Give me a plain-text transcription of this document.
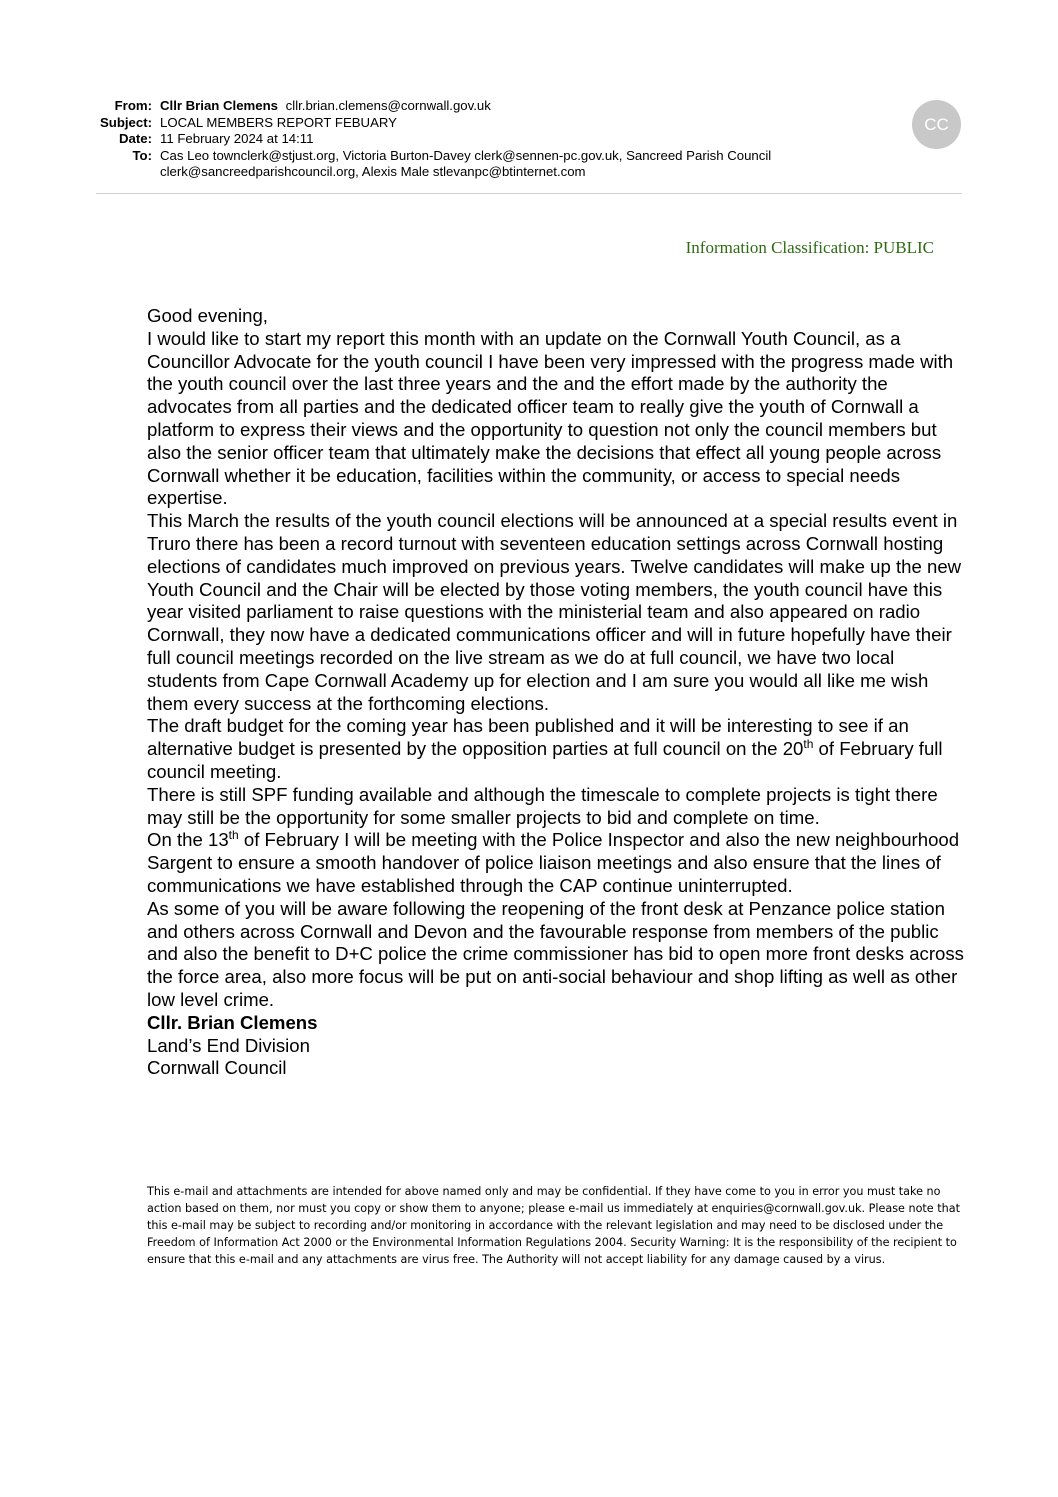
From: Cllr Brian Clemens cllr.brian.clemens@cornwall.gov.uk
Subject: LOCAL MEMBERS REPORT FEBUARY
Date: 11 February 2024 at 14:11
To: Cas Leo townclerk@stjust.org, Victoria Burton-Davey clerk@sennen-pc.gov.uk, Sancreed Parish Council
clerk@sancreedparishcouncil.org, Alexis Male stlevanpc@btinternet.com
CC
Information Classification: PUBLIC

Good evening,

I would like to start my report this month with an update on the Cornwall Youth Council, as a Councillor Advocate for the youth council I have been very impressed with the progress made with the youth council over the last three years and the and the effort made by the authority the advocates from all parties and the dedicated officer team to really give the youth of Cornwall a platform to express their views and the opportunity to question not only the council members but also the senior officer team that ultimately make the decisions that effect all young people across Cornwall whether it be education, facilities within the community, or access to special needs expertise.

This March the results of the youth council elections will be announced at a special results event in Truro there has been a record turnout with seventeen education settings across Cornwall hosting elections of candidates much improved on previous years. Twelve candidates will make up the new Youth Council and the Chair will be elected by those voting members, the youth council have this year visited parliament to raise questions with the ministerial team and also appeared on radio Cornwall, they now have a dedicated communications officer and will in future hopefully have their full council meetings recorded on the live stream as we do at full council, we have two local students from Cape Cornwall Academy up for election and I am sure you would all like me wish them every success at the forthcoming elections.

The draft budget for the coming year has been published and it will be interesting to see if an alternative budget is presented by the opposition parties at full council on the 20th of February full council meeting.

There is still SPF funding available and although the timescale to complete projects is tight there may still be the opportunity for some smaller projects to bid and complete on time.

On the 13th of February I will be meeting with the Police Inspector and also the new neighbourhood Sargent to ensure a smooth handover of police liaison meetings and also ensure that the lines of communications we have established through the CAP continue uninterrupted.

As some of you will be aware following the reopening of the front desk at Penzance police station and others across Cornwall and Devon and the favourable response from members of the public and also the benefit to D+C police the crime commissioner has bid to open more front desks across the force area, also more focus will be put on anti-social behaviour and shop lifting as well as other low level crime.

Cllr. Brian Clemens

Land’s End Division

Cornwall Council

This e-mail and attachments are intended for above named only and may be confidential. If they have come to you in error you must take no action based on them, nor must you copy or show them to anyone; please e-mail us immediately at enquiries@cornwall.gov.uk. Please note that this e-mail may be subject to recording and/or monitoring in accordance with the relevant legislation and may need to be disclosed under the Freedom of Information Act 2000 or the Environmental Information Regulations 2004. Security Warning: It is the responsibility of the recipient to ensure that this e-mail and any attachments are virus free. The Authority will not accept liability for any damage caused by a virus.
